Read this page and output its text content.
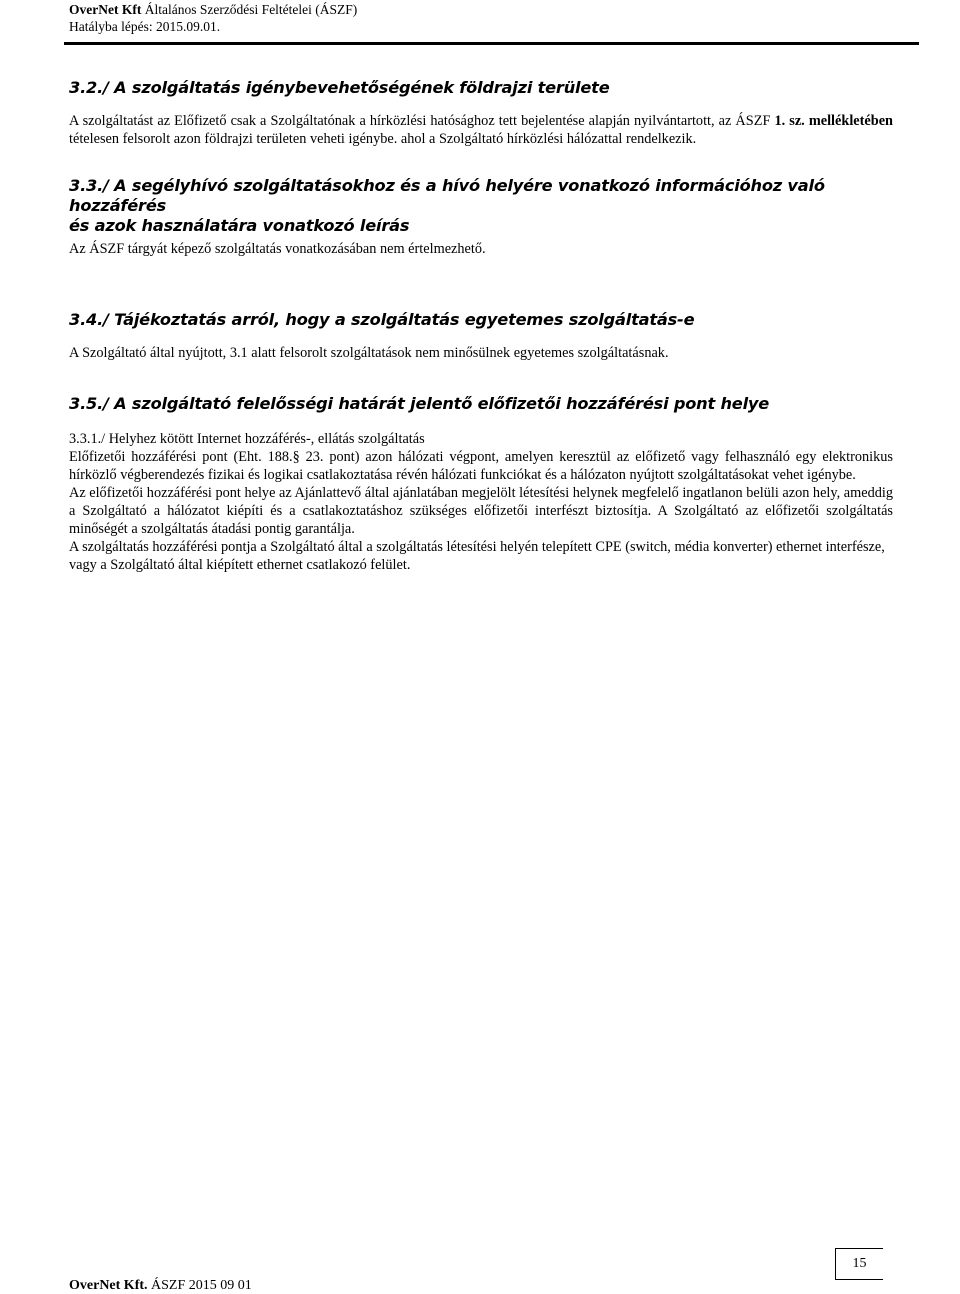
OverNet Kft Általános Szerződési Feltételei (ÁSZF)
Hatályba lépés: 2015.09.01.
3.2./ A szolgáltatás igénybevehetőségének földrajzi területe

A szolgáltatást az Előfizető csak a Szolgáltatónak a hírközlési hatósághoz tett bejelentése alapján nyilvántartott, az ÁSZF 1. sz. mellékletében tételesen felsorolt azon földrajzi területen veheti igénybe. ahol a Szolgáltató hírközlési hálózattal rendelkezik.

3.3./ A segélyhívó szolgáltatásokhoz és a hívó helyére vonatkozó információhoz való hozzáférés
és azok használatára vonatkozó leírás

Az ÁSZF tárgyát képező szolgáltatás vonatkozásában nem értelmezhető.

3.4./ Tájékoztatás arról, hogy a szolgáltatás egyetemes szolgáltatás-e

A Szolgáltató által nyújtott, 3.1 alatt felsorolt szolgáltatások nem minősülnek egyetemes szolgáltatásnak.

3.5./ A szolgáltató felelősségi határát jelentő előfizetői hozzáférési pont helye

3.3.1./ Helyhez kötött Internet hozzáférés-, ellátás szolgáltatás

Előfizetői hozzáférési pont (Eht. 188.§ 23. pont) azon hálózati végpont, amelyen keresztül az előfizető vagy felhasználó egy elektronikus hírközlő végberendezés fizikai és logikai csatlakoztatása révén hálózati funkciókat és a hálózaton nyújtott szolgáltatásokat vehet igénybe.

Az előfizetői hozzáférési pont helye az Ajánlattevő által ajánlatában megjelölt létesítési helynek megfelelő ingatlanon belüli azon hely, ameddig a Szolgáltató a hálózatot kiépíti és a csatlakoztatáshoz szükséges előfizetői interfészt biztosítja. A Szolgáltató az előfizetői szolgáltatás minőségét a szolgáltatás átadási pontig garantálja.

A szolgáltatás hozzáférési pontja a Szolgáltató által a szolgáltatás létesítési helyén telepített CPE (switch, média konverter) ethernet interfésze, vagy a Szolgáltató által kiépített ethernet csatlakozó felület.

15
OverNet Kft. ÁSZF 2015 09 01
